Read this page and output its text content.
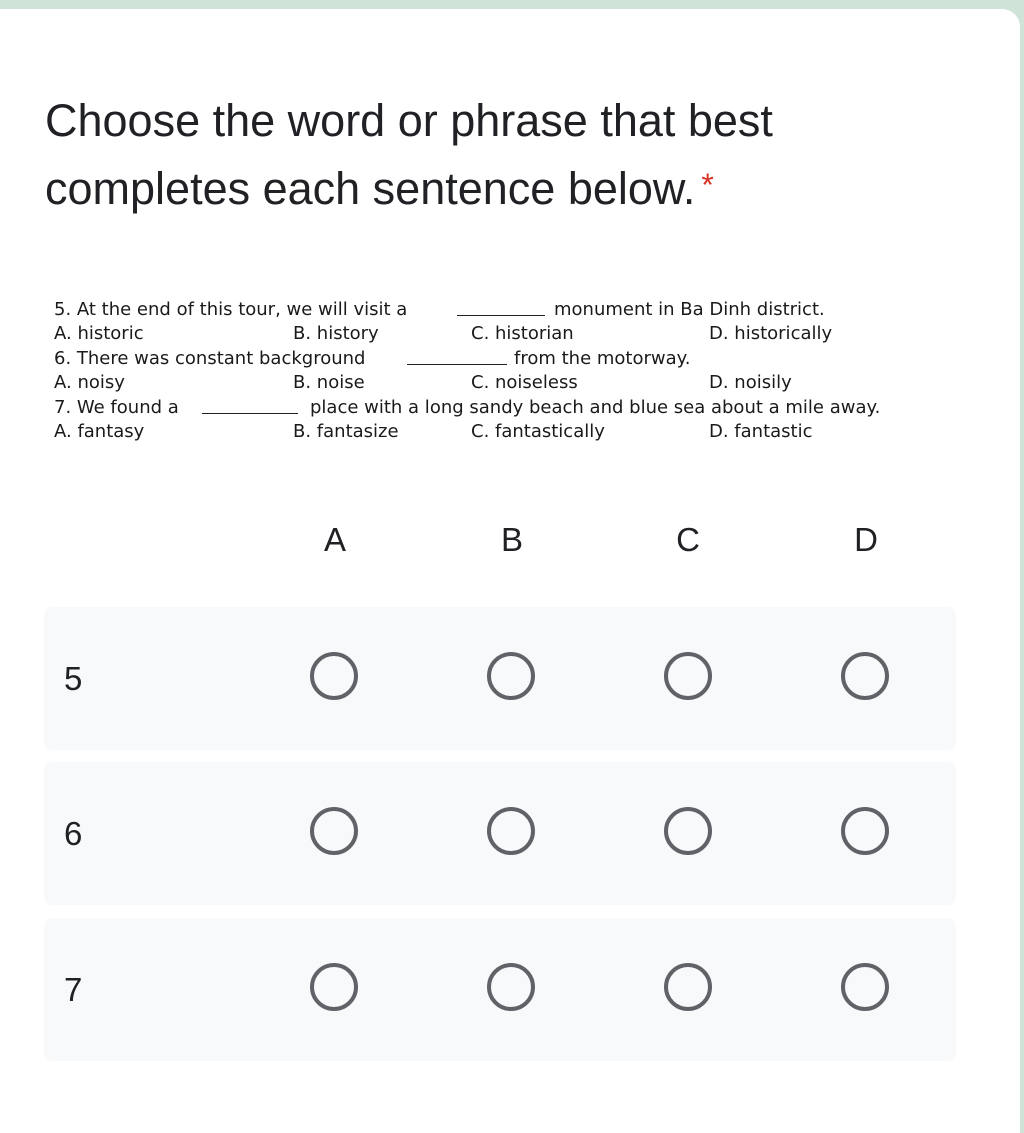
Choose the word or phrase that best completes each sentence below. *
5. At the end of this tour, we will visit a	monument in Ba Dinh district.
A. historic	B. history	C. historian	D. historically
6. There was constant background	from the motorway.
A. noisy	B. noise	C. noiseless	D. noisily
7. We found a	place with a long sandy beach and blue sea about a mile away.
A. fantasy	B. fantasize	C. fantastically	D. fantastic
A	B	C	D
5
6
7
